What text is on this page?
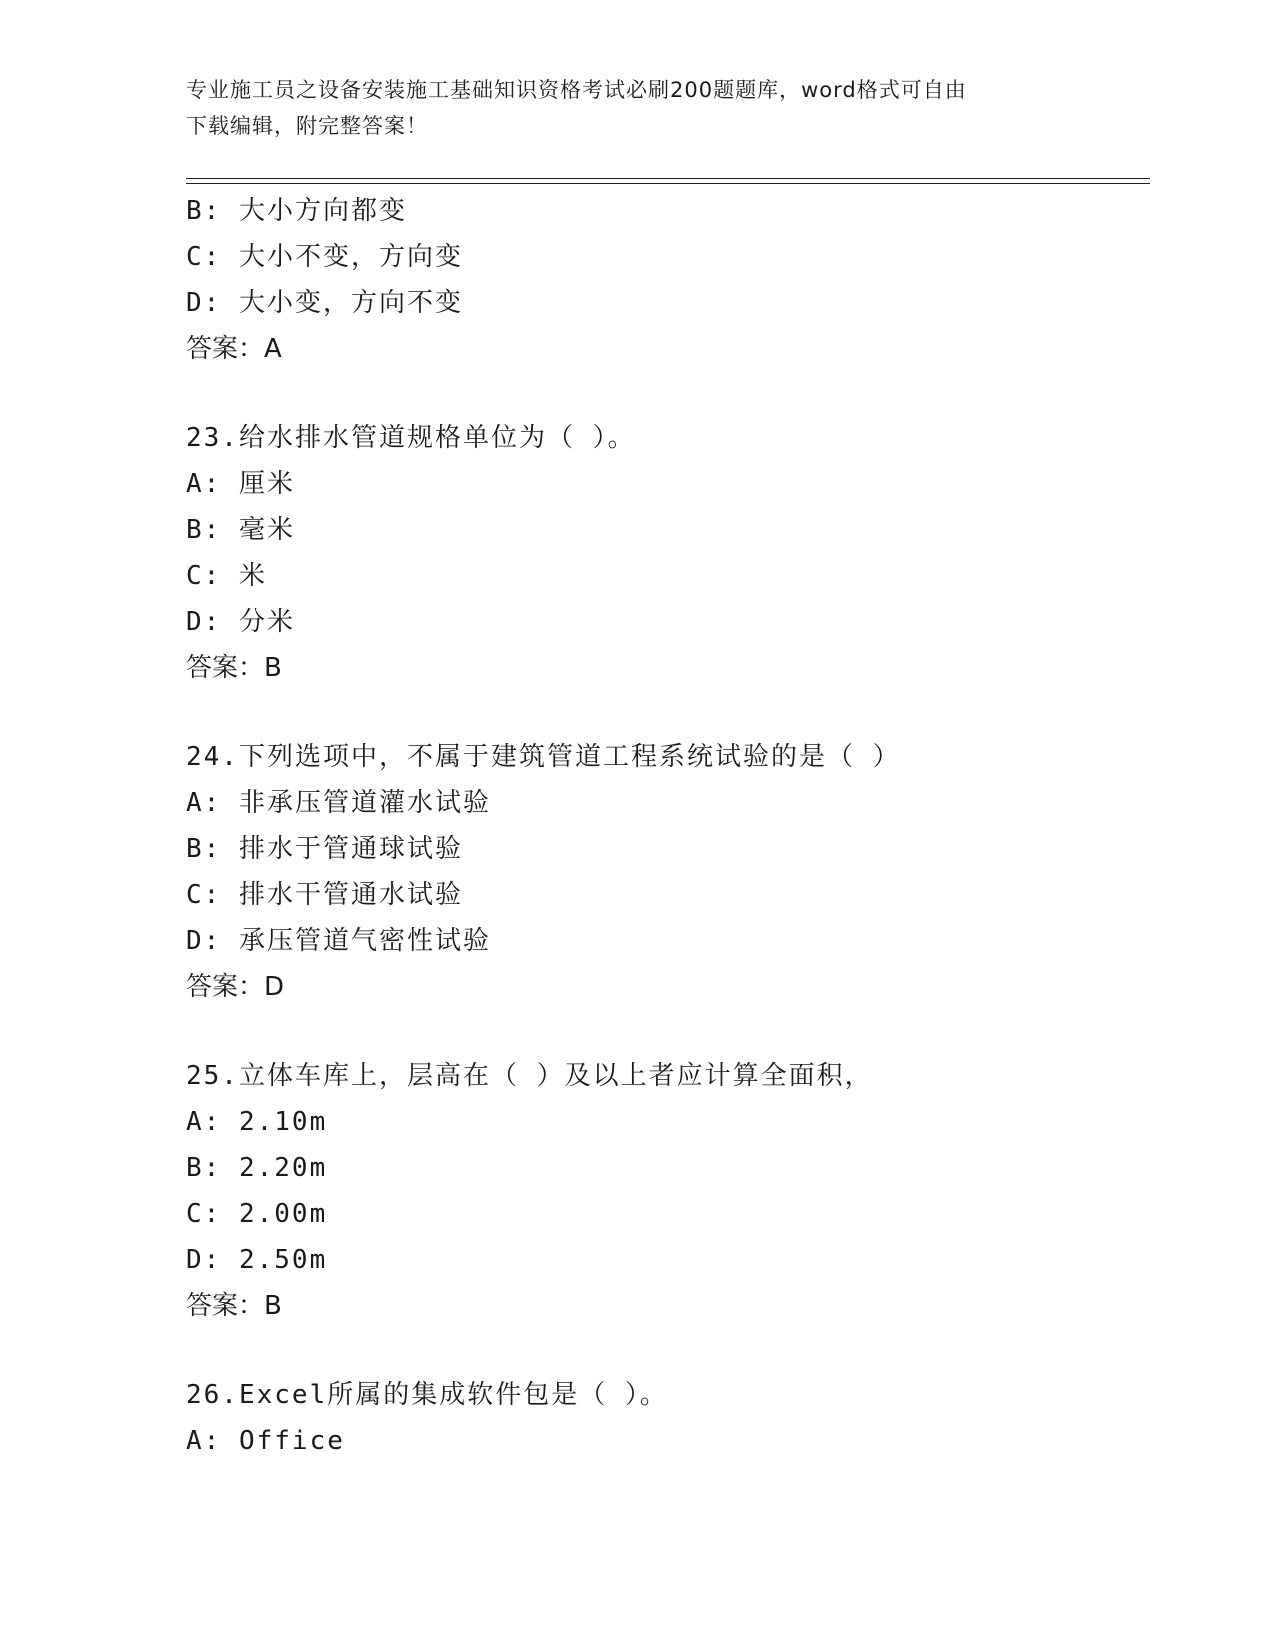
专业施工员之设备安装施工基础知识资格考试必刷200题题库，word格式可自由
下载编辑，附完整答案！
B: 大小方向都变
C: 大小不变，方向变
D: 大小变，方向不变
答案：A
23.给水排水管道规格单位为（ ）。
A: 厘米
B: 毫米
C: 米
D: 分米
答案：B
24.下列选项中，不属于建筑管道工程系统试验的是（ ）
A: 非承压管道灌水试验
B: 排水于管通球试验
C: 排水干管通水试验
D: 承压管道气密性试验
答案：D
25.立体车库上，层高在（ ）及以上者应计算全面积，
A: 2.10m
B: 2.20m
C: 2.00m
D: 2.50m
答案：B
26.Excel所属的集成软件包是（ ）。
A: Office
